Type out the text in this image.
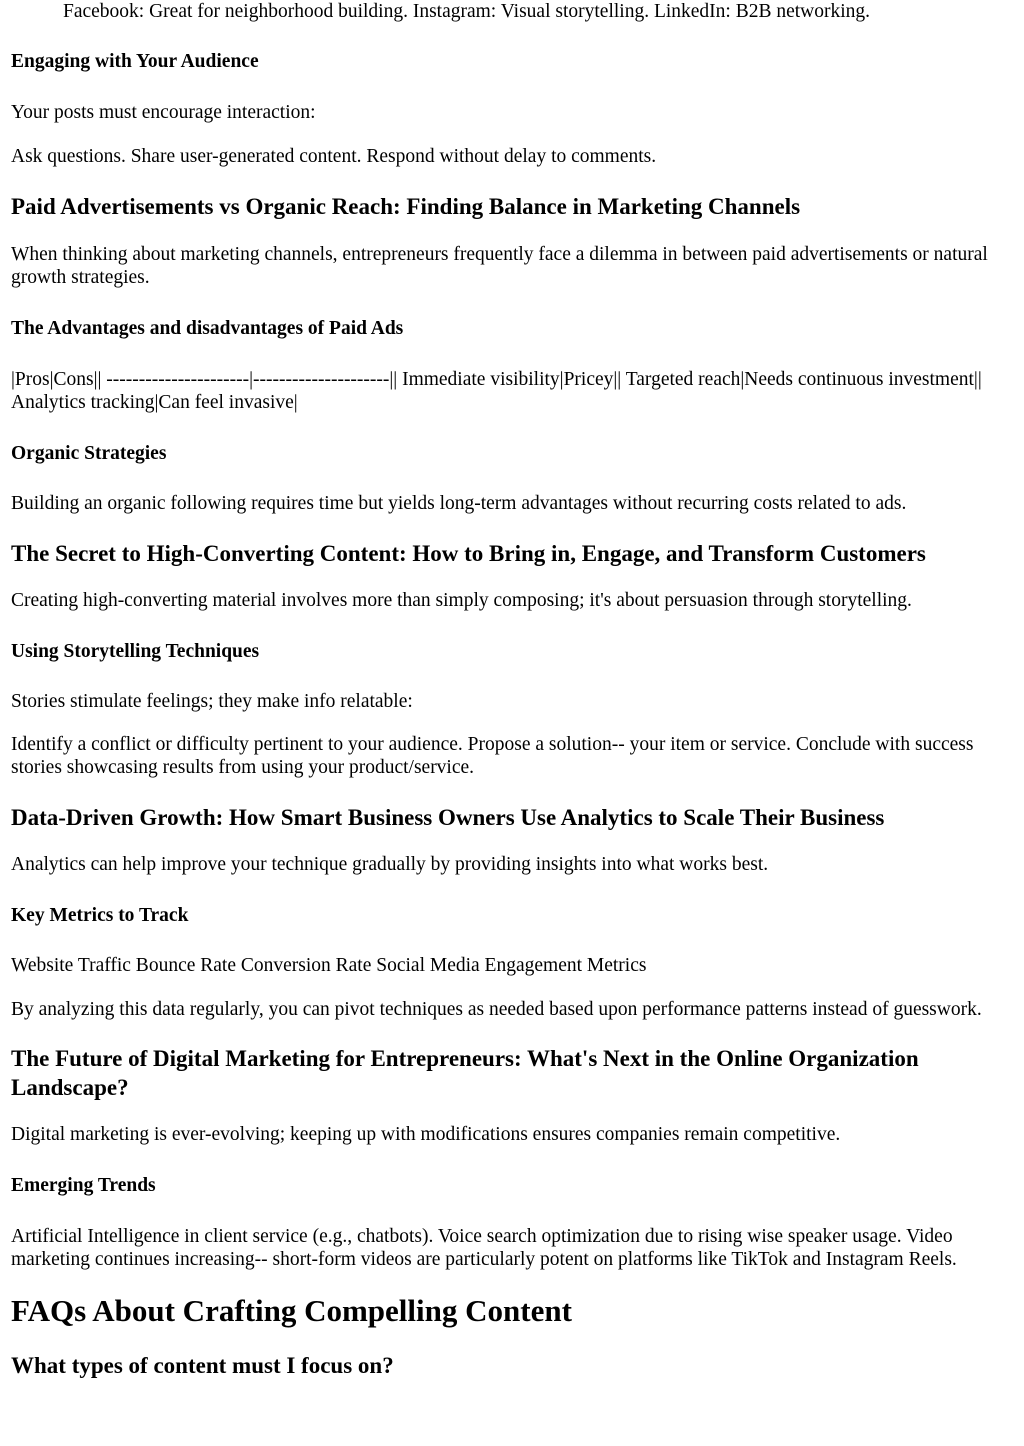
Facebook: Great for neighborhood building. Instagram: Visual storytelling. LinkedIn: B2B networking.

Engaging with Your Audience

Your posts must encourage interaction:

Ask questions. Share user-generated content. Respond without delay to comments.

Paid Advertisements vs Organic Reach: Finding Balance in Marketing Channels

When thinking about marketing channels, entrepreneurs frequently face a dilemma in between paid advertisements or natural growth strategies.

The Advantages and disadvantages of Paid Ads

|Pros|Cons|| ----------------------|---------------------|| Immediate visibility|Pricey|| Targeted reach|Needs continuous investment|| Analytics tracking|Can feel invasive|

Organic Strategies

Building an organic following requires time but yields long-term advantages without recurring costs related to ads.

The Secret to High-Converting Content: How to Bring in, Engage, and Transform Customers

Creating high-converting material involves more than simply composing; it's about persuasion through storytelling.

Using Storytelling Techniques

Stories stimulate feelings; they make info relatable:

Identify a conflict or difficulty pertinent to your audience. Propose a solution-- your item or service. Conclude with success stories showcasing results from using your product/service.

Data-Driven Growth: How Smart Business Owners Use Analytics to Scale Their Business

Analytics can help improve your technique gradually by providing insights into what works best.

Key Metrics to Track

Website Traffic Bounce Rate Conversion Rate Social Media Engagement Metrics

By analyzing this data regularly, you can pivot techniques as needed based upon performance patterns instead of guesswork.

The Future of Digital Marketing for Entrepreneurs: What's Next in the Online Organization Landscape?

Digital marketing is ever-evolving; keeping up with modifications ensures companies remain competitive.

Emerging Trends

Artificial Intelligence in client service (e.g., chatbots). Voice search optimization due to rising wise speaker usage. Video marketing continues increasing-- short-form videos are particularly potent on platforms like TikTok and Instagram Reels.

FAQs About Crafting Compelling Content
What types of content must I focus on?
